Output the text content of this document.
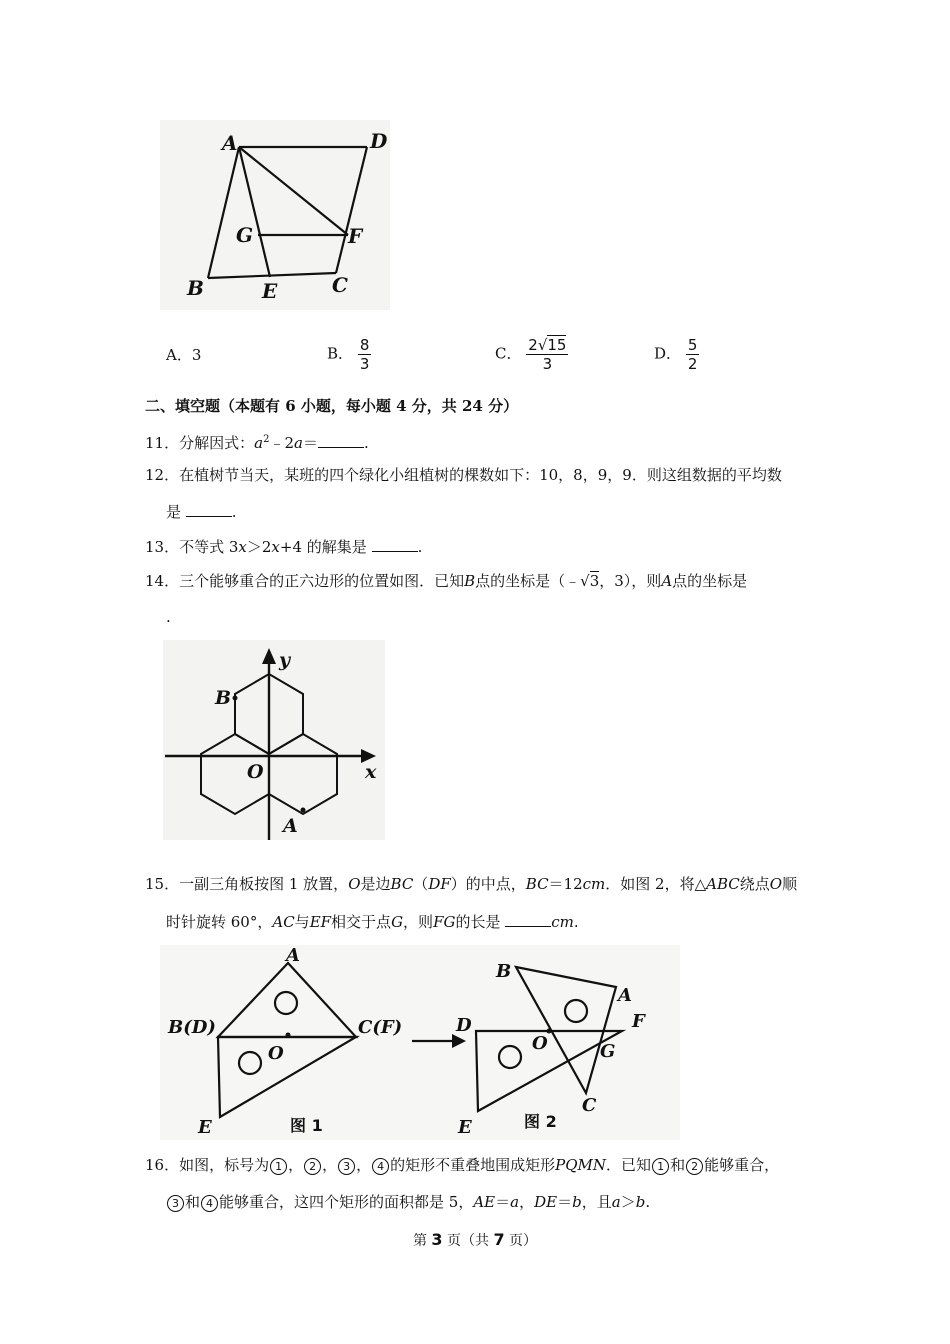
A	D
G	F
B	E	C
A．3	B． $\frac{8}{3}$	C． $\frac{2√15}{3}$	D． $\frac{5}{2}$
二、填空题（本题有 6 小题，每小题 4 分，共 24 分）
11．分解因式：$a^2﹣2a=$	.
12．在植树节当天，某班的四个绿化小组植树的棵数如下：10，8，9，9．则这组数据的平均数
是	.
13．不等式 3x＞2x+4 的解集是	.
14．三个能够重合的正六边形的位置如图．已知B点的坐标是（﹣√3，3），则A点的坐标是
.
y
B
O	x
A
15．一副三角板按图 1 放置，O是边BC（DF）的中点，BC＝12cm．如图 2，将△ABC绕点O顺
时针旋转 60°，AC与EF相交于点G，则FG的长是	cm.
A
B(D)	C(F)
O
E	图 1
B
A
D
O
F
G
C
E	图 2
16．如图，标号为 1 ， 2 ， 3 ， 4 的矩形不重叠地围成矩形PQMN．已知 1 和 2 能够重合，
3 和 4 能够重合，这四个矩形的面积都是 5，AE＝a，DE＝b，且a＞b.
第 3 页（共 7 页）
